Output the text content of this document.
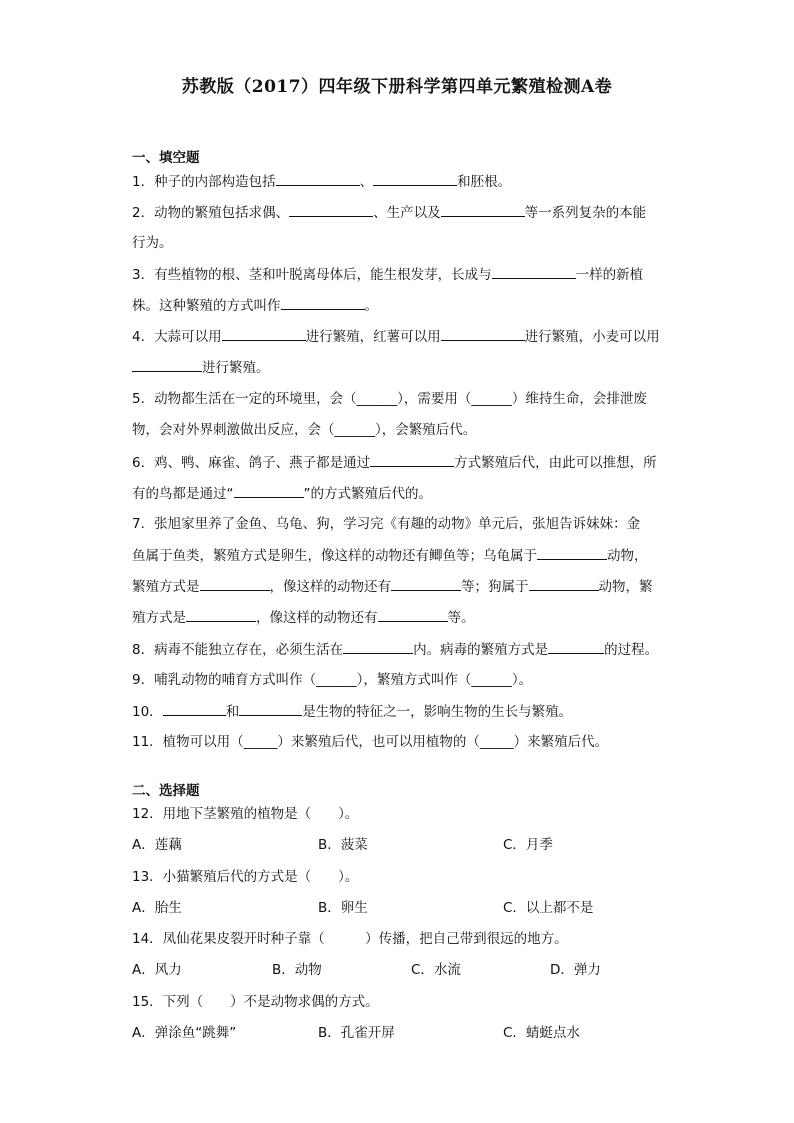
苏教版（2017）四年级下册科学第四单元繁殖检测A卷
一、填空题
1．种子的内部构造包括	、	和胚根。
2．动物的繁殖包括求偶、	、生产以及	等一系列复杂的本能
行为。
3．有些植物的根、茎和叶脱离母体后，能生根发芽，长成与	一样的新植
株。这种繁殖的方式叫作	。
4．大蒜可以用	进行繁殖，红薯可以用	进行繁殖，小麦可以用
进行繁殖。
5．动物都生活在一定的环境里，会（______），需要用（______）维持生命，会排泄废
物，会对外界刺激做出反应，会（______），会繁殖后代。
6．鸡、鸭、麻雀、鸽子、燕子都是通过	方式繁殖后代，由此可以推想，所
有的鸟都是通过“	”的方式繁殖后代的。
7．张旭家里养了金鱼、乌龟、狗，学习完《有趣的动物》单元后，张旭告诉妹妹：金
鱼属于鱼类，繁殖方式是卵生，像这样的动物还有鲫鱼等；乌龟属于	动物，
繁殖方式是	，像这样的动物还有	等；狗属于	动物，繁
殖方式是	，像这样的动物还有	等。
8．病毒不能独立存在，必须生活在	内。病毒的繁殖方式是	的过程。
9．哺乳动物的哺育方式叫作（______），繁殖方式叫作（______）。
10．	和	是生物的特征之一，影响生物的生长与繁殖。
11．植物可以用（_____）来繁殖后代，也可以用植物的（_____）来繁殖后代。
二、选择题
12．用地下茎繁殖的植物是（　　）。
A．莲藕	B．菠菜	C．月季
13．小猫繁殖后代的方式是（　　）。
A．胎生	B．卵生	C．以上都不是
14．凤仙花果皮裂开时种子靠（　　　）传播，把自己带到很远的地方。
A．风力	B．动物	C．水流	D．弹力
15．下列（　　）不是动物求偶的方式。
A．弹涂鱼“跳舞”	B．孔雀开屏	C．蜻蜓点水
